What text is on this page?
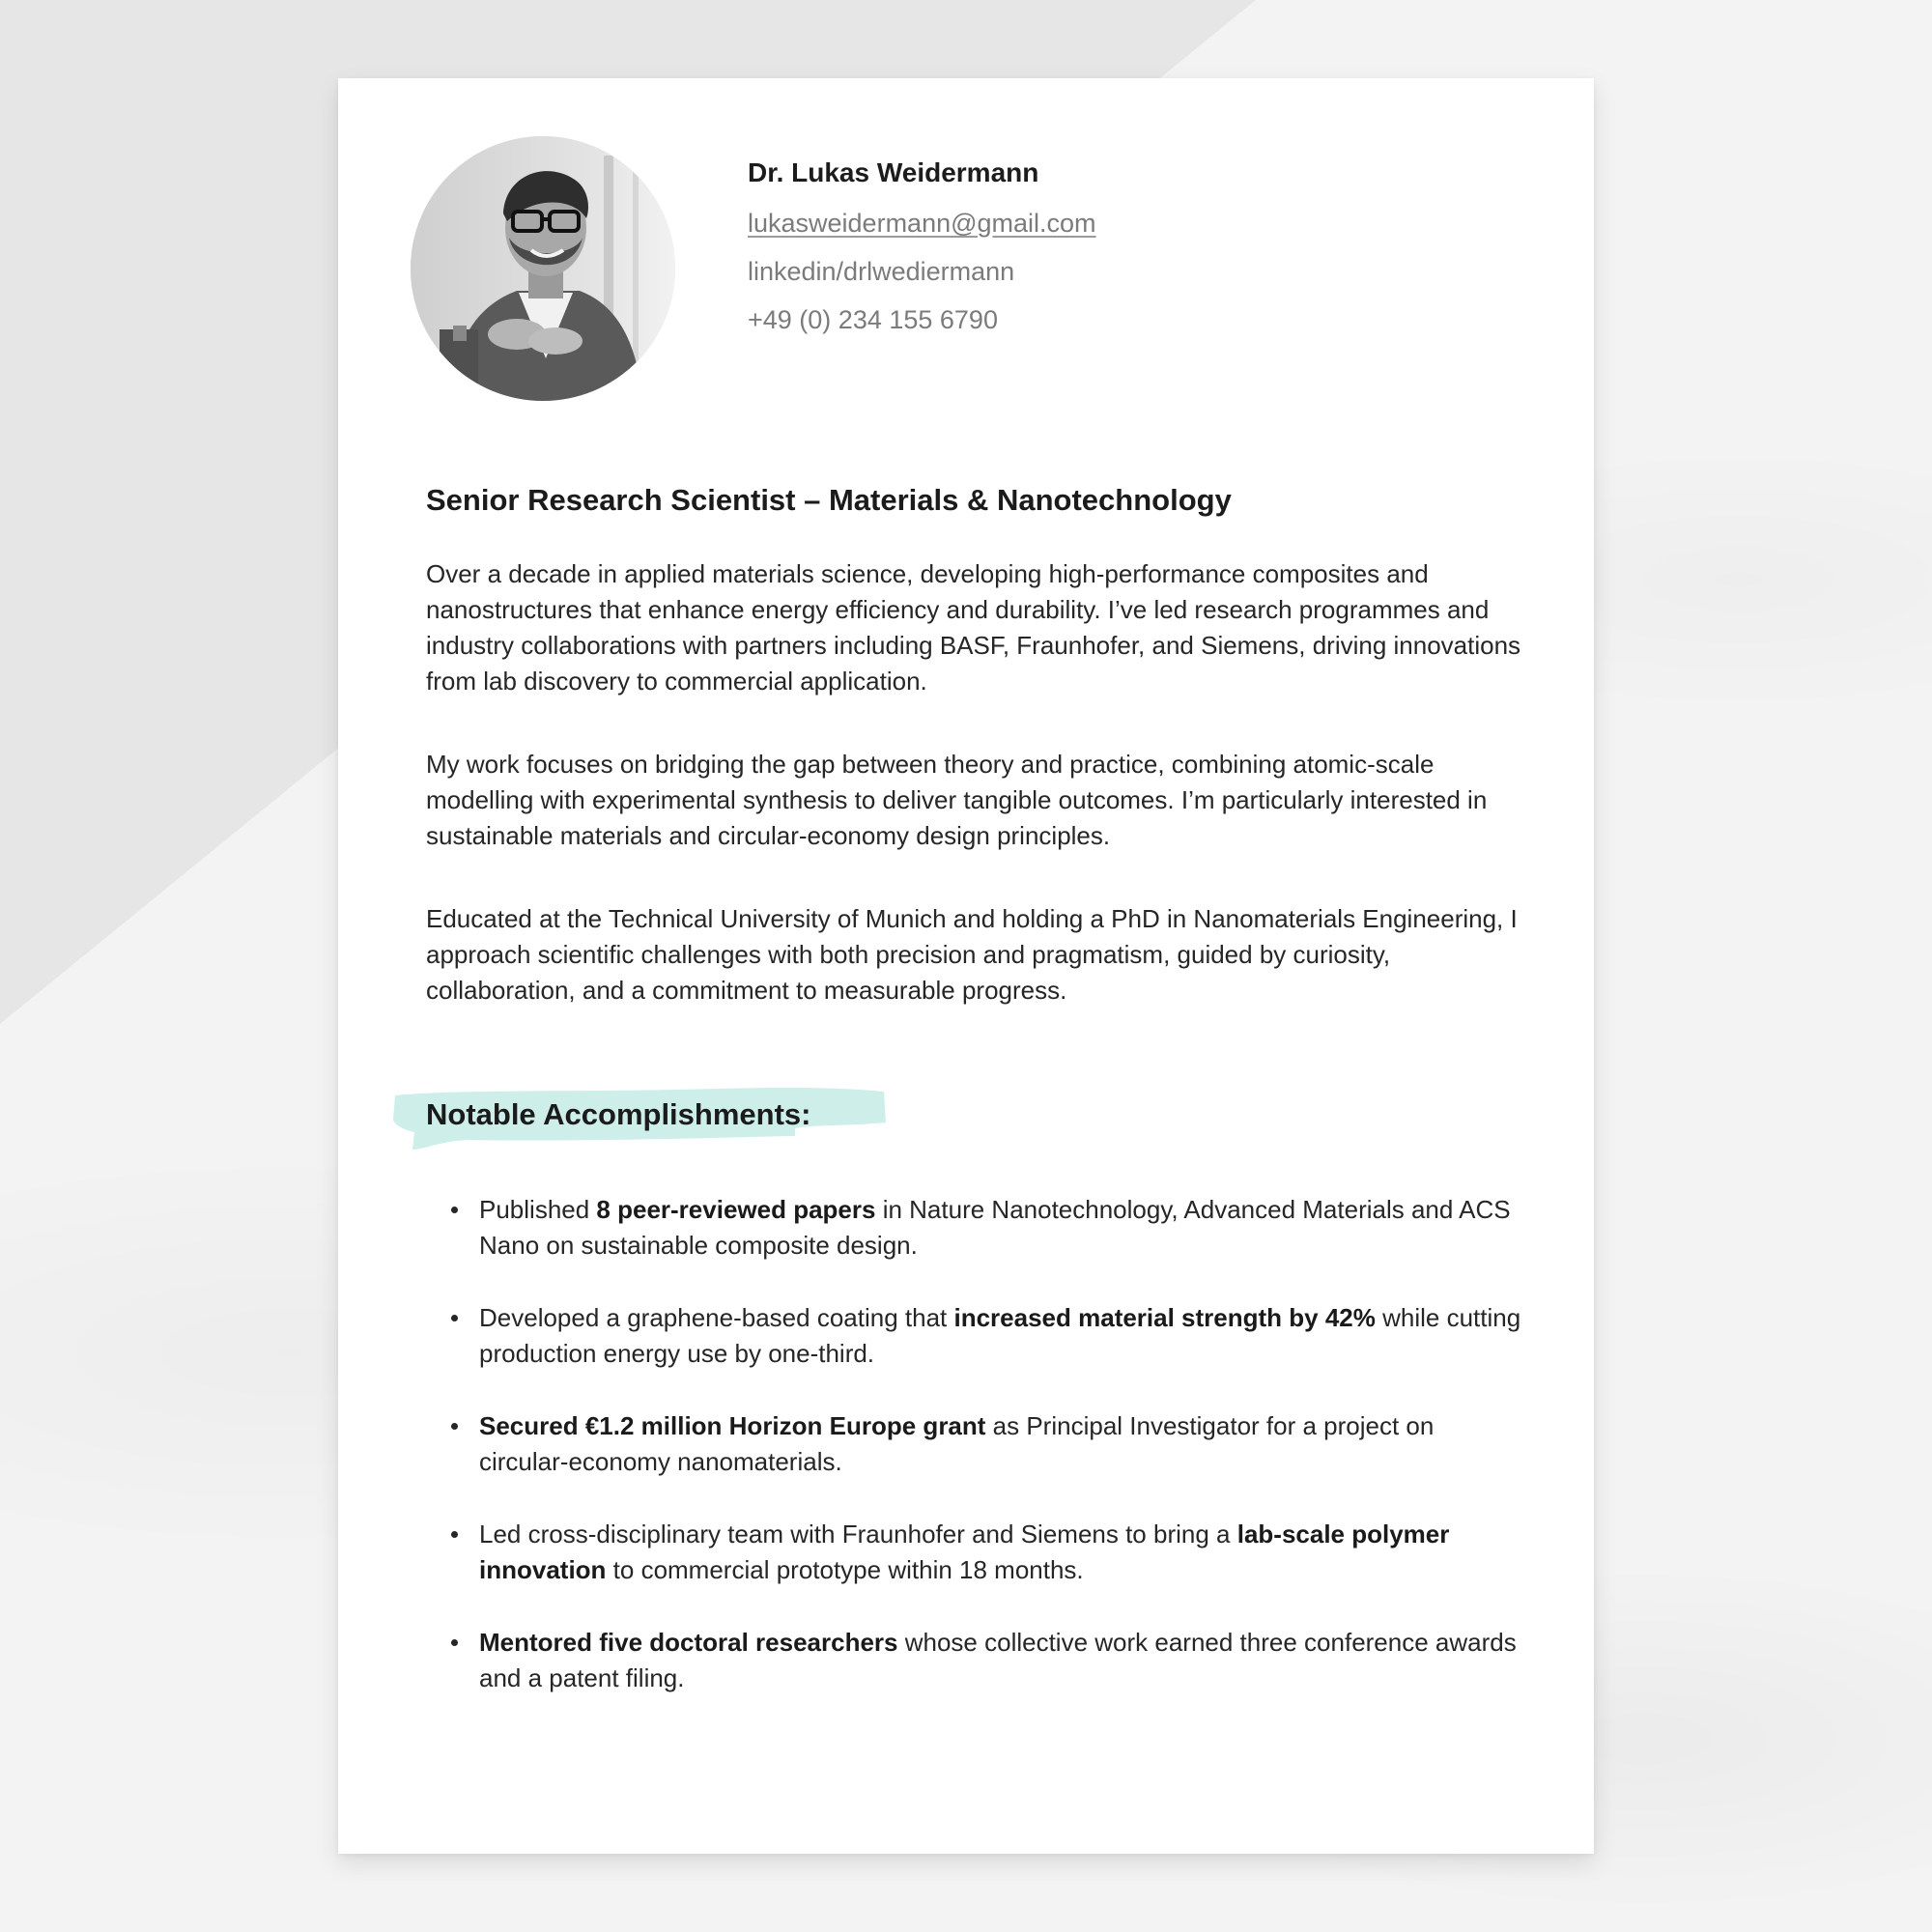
Dr. Lukas Weidermann
lukasweidermann@gmail.com
linkedin/drlwediermann
+49 (0) 234 155 6790
Senior Research Scientist – Materials & Nanotechnology

Over a decade in applied materials science, developing high-performance composites and nanostructures that enhance energy efficiency and durability. I’ve led research programmes and industry collaborations with partners including BASF, Fraunhofer, and Siemens, driving innovations from lab discovery to commercial application.

My work focuses on bridging the gap between theory and practice, combining atomic-scale modelling with experimental synthesis to deliver tangible outcomes. I’m particularly interested in sustainable materials and circular-economy design principles.

Educated at the Technical University of Munich and holding a PhD in Nanomaterials Engineering, I approach scientific challenges with both precision and pragmatism, guided by curiosity, collaboration, and a commitment to measurable progress.

Notable Accomplishments:
Published 8 peer-reviewed papers in Nature Nanotechnology, Advanced Materials and ACS Nano on sustainable composite design.
Developed a graphene-based coating that increased material strength by 42% while cutting production energy use by one-third.
Secured €1.2 million Horizon Europe grant as Principal Investigator for a project on circular-economy nanomaterials.
Led cross-disciplinary team with Fraunhofer and Siemens to bring a lab-scale polymer innovation to commercial prototype within 18 months.
Mentored five doctoral researchers whose collective work earned three conference awards and a patent filing.
